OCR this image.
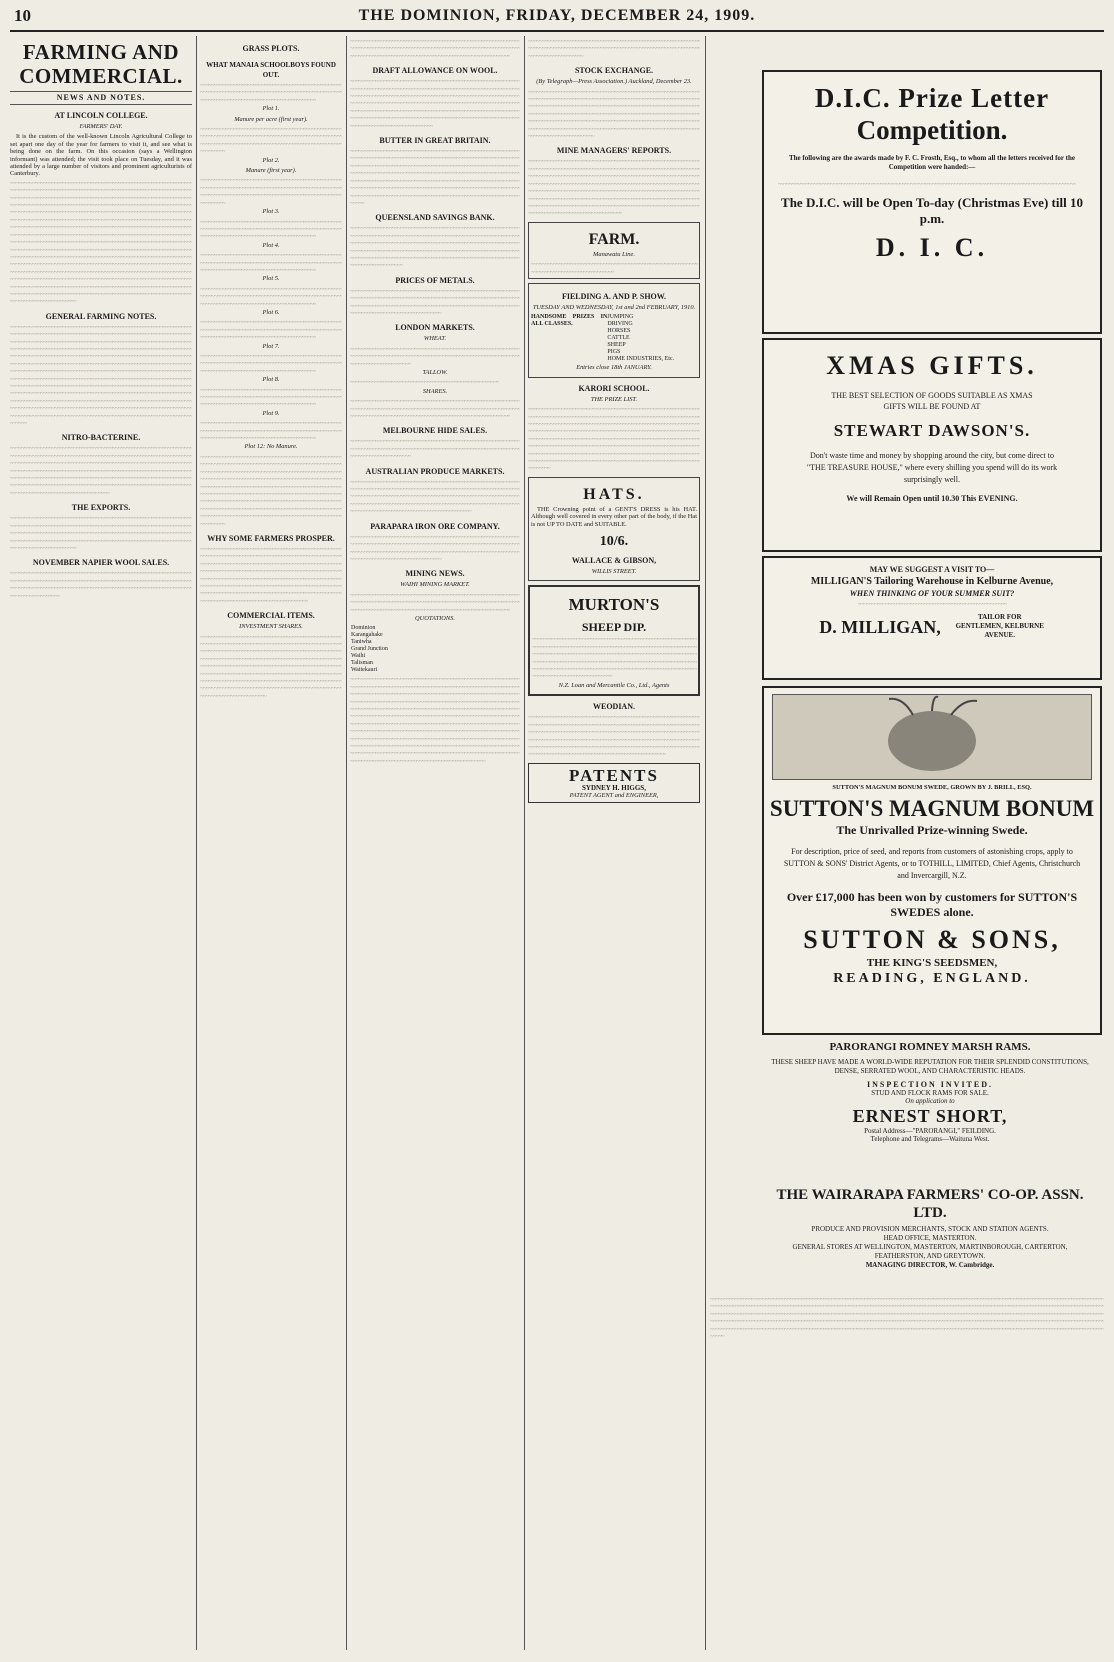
10	THE DOMINION, FRIDAY, DECEMBER 24, 1909.
FARMING AND COMMERCIAL.
NEWS AND NOTES.
AT LINCOLN COLLEGE.
FARMERS' DAY.

It is the custom of the well-known Lincoln Agricultural College to set apart one day of the year for farmers to visit it, and see what is being done on the farm. On this occasion (says a Wellington informant) was attended; the visit took place on Tuesday, and it was attended by a large number of visitors and prominent agriculturists of Canterbury.

~~ ~~ ~~ ~~ ~~ ~~ ~~ ~~ ~~ ~~ ~~ ~~ ~~ ~~ ~~ ~~ ~~ ~~ ~~ ~~ ~~ ~~ ~~ ~~ ~~ ~~ ~~ ~~ ~~ ~~ ~~ ~~ ~~ ~~ ~~ ~~ ~~ ~~ ~~ ~~ ~~ ~~ ~~ ~~ ~~ ~~ ~~ ~~ ~~ ~~ ~~ ~~ ~~ ~~ ~~ ~~ ~~ ~~ ~~ ~~ ~~ ~~ ~~ ~~ ~~ ~~ ~~ ~~ ~~ ~~ ~~ ~~ ~~ ~~ ~~ ~~ ~~ ~~ ~~ ~~ ~~ ~~ ~~ ~~ ~~ ~~ ~~ ~~ ~~ ~~ ~~ ~~ ~~ ~~ ~~ ~~ ~~ ~~ ~~ ~~ ~~ ~~ ~~ ~~ ~~ ~~ ~~ ~~ ~~ ~~ ~~ ~~ ~~ ~~ ~~ ~~ ~~ ~~ ~~ ~~ ~~ ~~ ~~ ~~ ~~ ~~ ~~ ~~ ~~ ~~ ~~ ~~ ~~ ~~ ~~ ~~ ~~ ~~ ~~ ~~ ~~ ~~ ~~ ~~ ~~ ~~ ~~ ~~ ~~ ~~ ~~ ~~ ~~ ~~ ~~ ~~ ~~ ~~ ~~ ~~ ~~ ~~ ~~ ~~ ~~ ~~ ~~ ~~ ~~ ~~ ~~ ~~ ~~ ~~ ~~ ~~ ~~ ~~ ~~ ~~ ~~ ~~ ~~ ~~ ~~ ~~ ~~ ~~ ~~ ~~ ~~ ~~ ~~ ~~ ~~ ~~ ~~ ~~ ~~ ~~ ~~ ~~ ~~ ~~ ~~ ~~ ~~ ~~ ~~ ~~ ~~ ~~ ~~ ~~ ~~ ~~ ~~ ~~ ~~ ~~ ~~ ~~ ~~ ~~ ~~ ~~ ~~ ~~ ~~ ~~ ~~ ~~ ~~ ~~ ~~ ~~ ~~ ~~ ~~ ~~ ~~ ~~ ~~ ~~ ~~ ~~ ~~ ~~ ~~ ~~ ~~ ~~ ~~ ~~ ~~ ~~ ~~ ~~ ~~ ~~ ~~ ~~ ~~ ~~ ~~ ~~ ~~ ~~ ~~ ~~ ~~ ~~ ~~ ~~ ~~ ~~ ~~ ~~ ~~ ~~ ~~ ~~ ~~ ~~ ~~ ~~ ~~ ~~ ~~ ~~ ~~ ~~ ~~ ~~ ~~ ~~ ~~ ~~ ~~ ~~ ~~ ~~ ~~ ~~ ~~ ~~ ~~ ~~ ~~ ~~ ~~ ~~ ~~ ~~ ~~ ~~ ~~ ~~ ~~ ~~ ~~ ~~ ~~ ~~ ~~ ~~ ~~ ~~ ~~ ~~ ~~ ~~ ~~ ~~ ~~ ~~ ~~ ~~ ~~ ~~ ~~ ~~ ~~ ~~ ~~ ~~ ~~ ~~ ~~ ~~ ~~ ~~ ~~ ~~ ~~ ~~ ~~ ~~ ~~ ~~ ~~ ~~ ~~ ~~ ~~ ~~ ~~ ~~ ~~ ~~ ~~ ~~ ~~ ~~ ~~ ~~ ~~ ~~ ~~ ~~ ~~ ~~ ~~ ~~ ~~ ~~ ~~ ~~ ~~ ~~ ~~ ~~ ~~ ~~ ~~ ~~ ~~ ~~ ~~ ~~ ~~ ~~ ~~ ~~ ~~ ~~ ~~ ~~ ~~ ~~ ~~ ~~ ~~ ~~ ~~ ~~ ~~ ~~ ~~ ~~ ~~ ~~ ~~ ~~ ~~ ~~ ~~ ~~ ~~ ~~ ~~ ~~ ~~ ~~ ~~ ~~ ~~ ~~ ~~ ~~ ~~ ~~ ~~ ~~ ~~ ~~ ~~ ~~ ~~ ~~ ~~ ~~ ~~ ~~ ~~ ~~ ~~ ~~ ~~ ~~ ~~ ~~ ~~ ~~ ~~ ~~ ~~ ~~ ~~ ~~ ~~ ~~ ~~ ~~ ~~ ~~ ~~ ~~ ~~ ~~ ~~ ~~ ~~ ~~ ~~ ~~ ~~ ~~ ~~ ~~ ~~ ~~ ~~ ~~ ~~ ~~ ~~ ~~ ~~ ~~ ~~ ~~ ~~ ~~ ~~ ~~ ~~ ~~ ~~ ~~ ~~ ~~ ~~ ~~ ~~ ~~ ~~ ~~ ~~ ~~ ~~ ~~ ~~ ~~ ~~ ~~ ~~ ~~ ~~ ~~ ~~ ~~ ~~ ~~ ~~ ~~ ~~ ~~ ~~ ~~
GENERAL FARMING NOTES.
~~ ~~ ~~ ~~ ~~ ~~ ~~ ~~ ~~ ~~ ~~ ~~ ~~ ~~ ~~ ~~ ~~ ~~ ~~ ~~ ~~ ~~ ~~ ~~ ~~ ~~ ~~ ~~ ~~ ~~ ~~ ~~ ~~ ~~ ~~ ~~ ~~ ~~ ~~ ~~ ~~ ~~ ~~ ~~ ~~ ~~ ~~ ~~ ~~ ~~ ~~ ~~ ~~ ~~ ~~ ~~ ~~ ~~ ~~ ~~ ~~ ~~ ~~ ~~ ~~ ~~ ~~ ~~ ~~ ~~ ~~ ~~ ~~ ~~ ~~ ~~ ~~ ~~ ~~ ~~ ~~ ~~ ~~ ~~ ~~ ~~ ~~ ~~ ~~ ~~ ~~ ~~ ~~ ~~ ~~ ~~ ~~ ~~ ~~ ~~ ~~ ~~ ~~ ~~ ~~ ~~ ~~ ~~ ~~ ~~ ~~ ~~ ~~ ~~ ~~ ~~ ~~ ~~ ~~ ~~ ~~ ~~ ~~ ~~ ~~ ~~ ~~ ~~ ~~ ~~ ~~ ~~ ~~ ~~ ~~ ~~ ~~ ~~ ~~ ~~ ~~ ~~ ~~ ~~ ~~ ~~ ~~ ~~ ~~ ~~ ~~ ~~ ~~ ~~ ~~ ~~ ~~ ~~ ~~ ~~ ~~ ~~ ~~ ~~ ~~ ~~ ~~ ~~ ~~ ~~ ~~ ~~ ~~ ~~ ~~ ~~ ~~ ~~ ~~ ~~ ~~ ~~ ~~ ~~ ~~ ~~ ~~ ~~ ~~ ~~ ~~ ~~ ~~ ~~ ~~ ~~ ~~ ~~ ~~ ~~ ~~ ~~ ~~ ~~ ~~ ~~ ~~ ~~ ~~ ~~ ~~ ~~ ~~ ~~ ~~ ~~ ~~ ~~ ~~ ~~ ~~ ~~ ~~ ~~ ~~ ~~ ~~ ~~ ~~ ~~ ~~ ~~ ~~ ~~ ~~ ~~ ~~ ~~ ~~ ~~ ~~ ~~ ~~ ~~ ~~ ~~ ~~ ~~ ~~ ~~ ~~ ~~ ~~ ~~ ~~ ~~ ~~ ~~ ~~ ~~ ~~ ~~ ~~ ~~ ~~ ~~ ~~ ~~ ~~ ~~ ~~ ~~ ~~ ~~ ~~ ~~ ~~ ~~ ~~ ~~ ~~ ~~ ~~ ~~ ~~ ~~ ~~ ~~ ~~ ~~ ~~ ~~ ~~ ~~ ~~ ~~ ~~ ~~ ~~ ~~ ~~ ~~ ~~ ~~ ~~ ~~ ~~ ~~ ~~ ~~ ~~ ~~ ~~ ~~ ~~ ~~ ~~ ~~ ~~ ~~ ~~ ~~ ~~ ~~ ~~ ~~ ~~ ~~ ~~ ~~ ~~ ~~ ~~ ~~ ~~ ~~ ~~ ~~ ~~ ~~ ~~ ~~ ~~ ~~ ~~ ~~ ~~ ~~ ~~ ~~ ~~ ~~ ~~ ~~ ~~ ~~ ~~ ~~ ~~ ~~ ~~ ~~ ~~ ~~ ~~ ~~ ~~ ~~ ~~ ~~ ~~ ~~ ~~ ~~ ~~ ~~ ~~ ~~ ~~ ~~ ~~ ~~ ~~ ~~ ~~ ~~ ~~ ~~ ~~ ~~ ~~ ~~ ~~ ~~ ~~ ~~ ~~ ~~ ~~ ~~ ~~ ~~ ~~ ~~ ~~ ~~ ~~ ~~ ~~ ~~ ~~ ~~ ~~ ~~ ~~ ~~ ~~ ~~ ~~ ~~ ~~ ~~ ~~ ~~ ~~ ~~ ~~ ~~ ~~ ~~ ~~ ~~
NITRO-BACTERINE.
~~ ~~ ~~ ~~ ~~ ~~ ~~ ~~ ~~ ~~ ~~ ~~ ~~ ~~ ~~ ~~ ~~ ~~ ~~ ~~ ~~ ~~ ~~ ~~ ~~ ~~ ~~ ~~ ~~ ~~ ~~ ~~ ~~ ~~ ~~ ~~ ~~ ~~ ~~ ~~ ~~ ~~ ~~ ~~ ~~ ~~ ~~ ~~ ~~ ~~ ~~ ~~ ~~ ~~ ~~ ~~ ~~ ~~ ~~ ~~ ~~ ~~ ~~ ~~ ~~ ~~ ~~ ~~ ~~ ~~ ~~ ~~ ~~ ~~ ~~ ~~ ~~ ~~ ~~ ~~ ~~ ~~ ~~ ~~ ~~ ~~ ~~ ~~ ~~ ~~ ~~ ~~ ~~ ~~ ~~ ~~ ~~ ~~ ~~ ~~ ~~ ~~ ~~ ~~ ~~ ~~ ~~ ~~ ~~ ~~ ~~ ~~ ~~ ~~ ~~ ~~ ~~ ~~ ~~ ~~ ~~ ~~ ~~ ~~ ~~ ~~ ~~ ~~ ~~ ~~ ~~ ~~ ~~ ~~ ~~ ~~ ~~ ~~ ~~ ~~ ~~ ~~ ~~ ~~ ~~ ~~ ~~ ~~ ~~ ~~ ~~ ~~ ~~ ~~ ~~ ~~ ~~ ~~ ~~ ~~ ~~ ~~ ~~ ~~ ~~ ~~ ~~ ~~ ~~ ~~ ~~ ~~ ~~ ~~ ~~ ~~ ~~ ~~ ~~ ~~ ~~ ~~ ~~ ~~ ~~ ~~ ~~ ~~ ~~ ~~ ~~ ~~ ~~ ~~ ~~ ~~ ~~ ~~ ~~ ~~ ~~ ~~ ~~ ~~ ~~ ~~ ~~ ~~ ~~ ~~ ~~ ~~ ~~ ~~ ~~ ~~
THE EXPORTS.
~~ ~~ ~~ ~~ ~~ ~~ ~~ ~~ ~~ ~~ ~~ ~~ ~~ ~~ ~~ ~~ ~~ ~~ ~~ ~~ ~~ ~~ ~~ ~~ ~~ ~~ ~~ ~~ ~~ ~~ ~~ ~~ ~~ ~~ ~~ ~~ ~~ ~~ ~~ ~~ ~~ ~~ ~~ ~~ ~~ ~~ ~~ ~~ ~~ ~~ ~~ ~~ ~~ ~~ ~~ ~~ ~~ ~~ ~~ ~~ ~~ ~~ ~~ ~~ ~~ ~~ ~~ ~~ ~~ ~~ ~~ ~~ ~~ ~~ ~~ ~~ ~~ ~~ ~~ ~~ ~~ ~~ ~~ ~~ ~~ ~~ ~~ ~~ ~~ ~~ ~~ ~~ ~~ ~~ ~~ ~~ ~~ ~~ ~~ ~~ ~~ ~~ ~~ ~~ ~~ ~~ ~~ ~~ ~~ ~~ ~~ ~~ ~~ ~~ ~~ ~~ ~~ ~~ ~~ ~~ ~~ ~~ ~~ ~~ ~~ ~~ ~~ ~~ ~~ ~~ ~~ ~~ ~~ ~~ ~~ ~~ ~~ ~~ ~~ ~~ ~~ ~~ ~~ ~~
NOVEMBER NAPIER WOOL SALES.
~~ ~~ ~~ ~~ ~~ ~~ ~~ ~~ ~~ ~~ ~~ ~~ ~~ ~~ ~~ ~~ ~~ ~~ ~~ ~~ ~~ ~~ ~~ ~~ ~~ ~~ ~~ ~~ ~~ ~~ ~~ ~~ ~~ ~~ ~~ ~~ ~~ ~~ ~~ ~~ ~~ ~~ ~~ ~~ ~~ ~~ ~~ ~~ ~~ ~~ ~~ ~~ ~~ ~~ ~~ ~~ ~~ ~~ ~~ ~~ ~~ ~~ ~~ ~~ ~~ ~~ ~~ ~~ ~~ ~~ ~~ ~~ ~~ ~~ ~~ ~~ ~~ ~~ ~~ ~~ ~~ ~~ ~~ ~~ ~~ ~~ ~~ ~~ ~~ ~~ ~~ ~~ ~~ ~~ ~~ ~~ ~~ ~~ ~~ ~~ ~~ ~~ ~~ ~~ ~~ ~~ ~~ ~~
GRASS PLOTS.
WHAT MANAIA SCHOOLBOYS FOUND OUT.
~~ ~~ ~~ ~~ ~~ ~~ ~~ ~~ ~~ ~~ ~~ ~~ ~~ ~~ ~~ ~~ ~~ ~~ ~~ ~~ ~~ ~~ ~~ ~~ ~~ ~~ ~~ ~~ ~~ ~~ ~~ ~~ ~~ ~~ ~~ ~~ ~~ ~~ ~~ ~~ ~~ ~~ ~~ ~~ ~~ ~~ ~~ ~~ ~~ ~~ ~~ ~~ ~~ ~~ ~~ ~~ ~~ ~~ ~~ ~~ ~~ ~~ ~~ ~~ ~~ ~~ ~~ ~~ ~~ ~~ ~~ ~~
Plot 1.
Manure per acre (first year).
~~ ~~ ~~ ~~ ~~ ~~ ~~ ~~ ~~ ~~ ~~ ~~ ~~ ~~ ~~ ~~ ~~ ~~ ~~ ~~ ~~ ~~ ~~ ~~ ~~ ~~ ~~ ~~ ~~ ~~ ~~ ~~ ~~ ~~ ~~ ~~ ~~ ~~ ~~ ~~ ~~ ~~ ~~ ~~ ~~ ~~ ~~ ~~ ~~ ~~ ~~ ~~ ~~ ~~ ~~ ~~ ~~ ~~ ~~ ~~ ~~ ~~ ~~ ~~ ~~ ~~ ~~ ~~ ~~ ~~ ~~ ~~ ~~ ~~ ~~ ~~ ~~ ~~ ~~ ~~ ~~
Plot 2.
Manure (first year).
~~ ~~ ~~ ~~ ~~ ~~ ~~ ~~ ~~ ~~ ~~ ~~ ~~ ~~ ~~ ~~ ~~ ~~ ~~ ~~ ~~ ~~ ~~ ~~ ~~ ~~ ~~ ~~ ~~ ~~ ~~ ~~ ~~ ~~ ~~ ~~ ~~ ~~ ~~ ~~ ~~ ~~ ~~ ~~ ~~ ~~ ~~ ~~ ~~ ~~ ~~ ~~ ~~ ~~ ~~ ~~ ~~ ~~ ~~ ~~ ~~ ~~ ~~ ~~ ~~ ~~ ~~ ~~ ~~ ~~ ~~ ~~ ~~ ~~ ~~ ~~ ~~ ~~ ~~ ~~ ~~
Plot 3.
~~ ~~ ~~ ~~ ~~ ~~ ~~ ~~ ~~ ~~ ~~ ~~ ~~ ~~ ~~ ~~ ~~ ~~ ~~ ~~ ~~ ~~ ~~ ~~ ~~ ~~ ~~ ~~ ~~ ~~ ~~ ~~ ~~ ~~ ~~ ~~ ~~ ~~ ~~ ~~ ~~ ~~ ~~ ~~ ~~ ~~ ~~ ~~ ~~ ~~ ~~ ~~ ~~ ~~ ~~ ~~ ~~ ~~ ~~ ~~ ~~ ~~ ~~ ~~ ~~ ~~ ~~ ~~ ~~ ~~ ~~ ~~
Plot 4.
~~ ~~ ~~ ~~ ~~ ~~ ~~ ~~ ~~ ~~ ~~ ~~ ~~ ~~ ~~ ~~ ~~ ~~ ~~ ~~ ~~ ~~ ~~ ~~ ~~ ~~ ~~ ~~ ~~ ~~ ~~ ~~ ~~ ~~ ~~ ~~ ~~ ~~ ~~ ~~ ~~ ~~ ~~ ~~ ~~ ~~ ~~ ~~ ~~ ~~ ~~ ~~ ~~ ~~ ~~ ~~ ~~ ~~ ~~ ~~ ~~ ~~ ~~ ~~ ~~ ~~ ~~ ~~ ~~ ~~ ~~ ~~
Plot 5.
~~ ~~ ~~ ~~ ~~ ~~ ~~ ~~ ~~ ~~ ~~ ~~ ~~ ~~ ~~ ~~ ~~ ~~ ~~ ~~ ~~ ~~ ~~ ~~ ~~ ~~ ~~ ~~ ~~ ~~ ~~ ~~ ~~ ~~ ~~ ~~ ~~ ~~ ~~ ~~ ~~ ~~ ~~ ~~ ~~ ~~ ~~ ~~ ~~ ~~ ~~ ~~ ~~ ~~ ~~ ~~ ~~ ~~ ~~ ~~ ~~ ~~ ~~ ~~ ~~ ~~ ~~ ~~ ~~ ~~ ~~ ~~
Plot 6.
~~ ~~ ~~ ~~ ~~ ~~ ~~ ~~ ~~ ~~ ~~ ~~ ~~ ~~ ~~ ~~ ~~ ~~ ~~ ~~ ~~ ~~ ~~ ~~ ~~ ~~ ~~ ~~ ~~ ~~ ~~ ~~ ~~ ~~ ~~ ~~ ~~ ~~ ~~ ~~ ~~ ~~ ~~ ~~ ~~ ~~ ~~ ~~ ~~ ~~ ~~ ~~ ~~ ~~ ~~ ~~ ~~ ~~ ~~ ~~ ~~ ~~ ~~ ~~ ~~ ~~ ~~ ~~ ~~ ~~ ~~ ~~
Plot 7.
~~ ~~ ~~ ~~ ~~ ~~ ~~ ~~ ~~ ~~ ~~ ~~ ~~ ~~ ~~ ~~ ~~ ~~ ~~ ~~ ~~ ~~ ~~ ~~ ~~ ~~ ~~ ~~ ~~ ~~ ~~ ~~ ~~ ~~ ~~ ~~ ~~ ~~ ~~ ~~ ~~ ~~ ~~ ~~ ~~ ~~ ~~ ~~ ~~ ~~ ~~ ~~ ~~ ~~ ~~ ~~ ~~ ~~ ~~ ~~ ~~ ~~ ~~ ~~ ~~ ~~ ~~ ~~ ~~ ~~ ~~ ~~
Plot 8.
~~ ~~ ~~ ~~ ~~ ~~ ~~ ~~ ~~ ~~ ~~ ~~ ~~ ~~ ~~ ~~ ~~ ~~ ~~ ~~ ~~ ~~ ~~ ~~ ~~ ~~ ~~ ~~ ~~ ~~ ~~ ~~ ~~ ~~ ~~ ~~ ~~ ~~ ~~ ~~ ~~ ~~ ~~ ~~ ~~ ~~ ~~ ~~ ~~ ~~ ~~ ~~ ~~ ~~ ~~ ~~ ~~ ~~ ~~ ~~ ~~ ~~ ~~ ~~ ~~ ~~ ~~ ~~ ~~ ~~ ~~ ~~
Plot 9.
~~ ~~ ~~ ~~ ~~ ~~ ~~ ~~ ~~ ~~ ~~ ~~ ~~ ~~ ~~ ~~ ~~ ~~ ~~ ~~ ~~ ~~ ~~ ~~ ~~ ~~ ~~ ~~ ~~ ~~ ~~ ~~ ~~ ~~ ~~ ~~ ~~ ~~ ~~ ~~ ~~ ~~ ~~ ~~ ~~ ~~ ~~ ~~ ~~ ~~ ~~ ~~ ~~ ~~ ~~ ~~ ~~ ~~ ~~ ~~ ~~ ~~ ~~ ~~ ~~ ~~ ~~ ~~ ~~ ~~ ~~ ~~
Plot 12: No Manure.
~~ ~~ ~~ ~~ ~~ ~~ ~~ ~~ ~~ ~~ ~~ ~~ ~~ ~~ ~~ ~~ ~~ ~~ ~~ ~~ ~~ ~~ ~~ ~~ ~~ ~~ ~~ ~~ ~~ ~~ ~~ ~~ ~~ ~~ ~~ ~~ ~~ ~~ ~~ ~~ ~~ ~~ ~~ ~~ ~~ ~~ ~~ ~~ ~~ ~~ ~~ ~~ ~~ ~~ ~~ ~~ ~~ ~~ ~~ ~~ ~~ ~~ ~~ ~~ ~~ ~~ ~~ ~~ ~~ ~~ ~~ ~~ ~~ ~~ ~~ ~~ ~~ ~~ ~~ ~~ ~~ ~~ ~~ ~~ ~~ ~~ ~~ ~~ ~~ ~~ ~~ ~~ ~~ ~~ ~~ ~~ ~~ ~~ ~~ ~~ ~~ ~~ ~~ ~~ ~~ ~~ ~~ ~~ ~~ ~~ ~~ ~~ ~~ ~~ ~~ ~~ ~~ ~~ ~~ ~~ ~~ ~~ ~~ ~~ ~~ ~~ ~~ ~~ ~~ ~~ ~~ ~~ ~~ ~~ ~~ ~~ ~~ ~~ ~~ ~~ ~~ ~~ ~~ ~~ ~~ ~~ ~~ ~~ ~~ ~~ ~~ ~~ ~~ ~~ ~~ ~~ ~~ ~~ ~~ ~~ ~~ ~~ ~~ ~~ ~~ ~~ ~~ ~~ ~~ ~~ ~~ ~~ ~~ ~~ ~~ ~~ ~~ ~~ ~~ ~~ ~~ ~~ ~~ ~~ ~~ ~~ ~~ ~~ ~~ ~~ ~~ ~~ ~~ ~~ ~~ ~~ ~~ ~~ ~~ ~~ ~~ ~~ ~~ ~~ ~~ ~~ ~~ ~~ ~~ ~~ ~~ ~~ ~~ ~~ ~~ ~~ ~~ ~~ ~~ ~~ ~~ ~~ ~~ ~~ ~~ ~~ ~~ ~~ ~~ ~~ ~~ ~~ ~~ ~~
WHY SOME FARMERS PROSPER.
~~ ~~ ~~ ~~ ~~ ~~ ~~ ~~ ~~ ~~ ~~ ~~ ~~ ~~ ~~ ~~ ~~ ~~ ~~ ~~ ~~ ~~ ~~ ~~ ~~ ~~ ~~ ~~ ~~ ~~ ~~ ~~ ~~ ~~ ~~ ~~ ~~ ~~ ~~ ~~ ~~ ~~ ~~ ~~ ~~ ~~ ~~ ~~ ~~ ~~ ~~ ~~ ~~ ~~ ~~ ~~ ~~ ~~ ~~ ~~ ~~ ~~ ~~ ~~ ~~ ~~ ~~ ~~ ~~ ~~ ~~ ~~ ~~ ~~ ~~ ~~ ~~ ~~ ~~ ~~ ~~ ~~ ~~ ~~ ~~ ~~ ~~ ~~ ~~ ~~ ~~ ~~ ~~ ~~ ~~ ~~ ~~ ~~ ~~ ~~ ~~ ~~ ~~ ~~ ~~ ~~ ~~ ~~ ~~ ~~ ~~ ~~ ~~ ~~ ~~ ~~ ~~ ~~ ~~ ~~ ~~ ~~ ~~ ~~ ~~ ~~ ~~ ~~ ~~ ~~ ~~ ~~ ~~ ~~ ~~ ~~ ~~ ~~ ~~ ~~ ~~ ~~ ~~ ~~ ~~ ~~ ~~ ~~ ~~ ~~ ~~ ~~ ~~ ~~ ~~ ~~ ~~ ~~ ~~ ~~ ~~ ~~ ~~ ~~ ~~ ~~ ~~ ~~ ~~ ~~ ~~ ~~ ~~ ~~ ~~ ~~ ~~ ~~ ~~ ~~ ~~ ~~ ~~ ~~ ~~ ~~ ~~ ~~ ~~ ~~ ~~ ~~ ~~ ~~ ~~ ~~ ~~ ~~
COMMERCIAL ITEMS.
INVESTMENT SHARES.
~~ ~~ ~~ ~~ ~~ ~~ ~~ ~~ ~~ ~~ ~~ ~~ ~~ ~~ ~~ ~~ ~~ ~~ ~~ ~~ ~~ ~~ ~~ ~~ ~~ ~~ ~~ ~~ ~~ ~~ ~~ ~~ ~~ ~~ ~~ ~~ ~~ ~~ ~~ ~~ ~~ ~~ ~~ ~~ ~~ ~~ ~~ ~~ ~~ ~~ ~~ ~~ ~~ ~~ ~~ ~~ ~~ ~~ ~~ ~~ ~~ ~~ ~~ ~~ ~~ ~~ ~~ ~~ ~~ ~~ ~~ ~~ ~~ ~~ ~~ ~~ ~~ ~~ ~~ ~~ ~~ ~~ ~~ ~~ ~~ ~~ ~~ ~~ ~~ ~~ ~~ ~~ ~~ ~~ ~~ ~~ ~~ ~~ ~~ ~~ ~~ ~~ ~~ ~~ ~~ ~~ ~~ ~~ ~~ ~~ ~~ ~~ ~~ ~~ ~~ ~~ ~~ ~~ ~~ ~~ ~~ ~~ ~~ ~~ ~~ ~~ ~~ ~~ ~~ ~~ ~~ ~~ ~~ ~~ ~~ ~~ ~~ ~~ ~~ ~~ ~~ ~~ ~~ ~~ ~~ ~~ ~~ ~~ ~~ ~~ ~~ ~~ ~~ ~~ ~~ ~~ ~~ ~~ ~~ ~~ ~~ ~~ ~~ ~~ ~~ ~~ ~~ ~~ ~~ ~~ ~~ ~~ ~~ ~~ ~~ ~~ ~~ ~~ ~~ ~~ ~~ ~~ ~~ ~~ ~~ ~~ ~~ ~~ ~~ ~~ ~~ ~~ ~~ ~~ ~~ ~~ ~~ ~~ ~~ ~~ ~~ ~~ ~~ ~~ ~~ ~~ ~~ ~~ ~~ ~~ ~~ ~~ ~~ ~~ ~~ ~~
~~ ~~ ~~ ~~ ~~ ~~ ~~ ~~ ~~ ~~ ~~ ~~ ~~ ~~ ~~ ~~ ~~ ~~ ~~ ~~ ~~ ~~ ~~ ~~ ~~ ~~ ~~ ~~ ~~ ~~ ~~ ~~ ~~ ~~ ~~ ~~ ~~ ~~ ~~ ~~ ~~ ~~ ~~ ~~ ~~ ~~ ~~ ~~ ~~ ~~ ~~ ~~ ~~ ~~ ~~ ~~ ~~ ~~ ~~ ~~ ~~ ~~ ~~ ~~ ~~ ~~ ~~ ~~ ~~ ~~ ~~ ~~ ~~ ~~ ~~ ~~ ~~ ~~ ~~ ~~ ~~ ~~ ~~ ~~ ~~ ~~ ~~ ~~ ~~ ~~
DRAFT ALLOWANCE ON WOOL.
~~ ~~ ~~ ~~ ~~ ~~ ~~ ~~ ~~ ~~ ~~ ~~ ~~ ~~ ~~ ~~ ~~ ~~ ~~ ~~ ~~ ~~ ~~ ~~ ~~ ~~ ~~ ~~ ~~ ~~ ~~ ~~ ~~ ~~ ~~ ~~ ~~ ~~ ~~ ~~ ~~ ~~ ~~ ~~ ~~ ~~ ~~ ~~ ~~ ~~ ~~ ~~ ~~ ~~ ~~ ~~ ~~ ~~ ~~ ~~ ~~ ~~ ~~ ~~ ~~ ~~ ~~ ~~ ~~ ~~ ~~ ~~ ~~ ~~ ~~ ~~ ~~ ~~ ~~ ~~ ~~ ~~ ~~ ~~ ~~ ~~ ~~ ~~ ~~ ~~ ~~ ~~ ~~ ~~ ~~ ~~ ~~ ~~ ~~ ~~ ~~ ~~ ~~ ~~ ~~ ~~ ~~ ~~ ~~ ~~ ~~ ~~ ~~ ~~ ~~ ~~ ~~ ~~ ~~ ~~ ~~ ~~ ~~ ~~ ~~ ~~ ~~ ~~ ~~ ~~ ~~ ~~ ~~ ~~ ~~ ~~ ~~ ~~ ~~ ~~ ~~ ~~ ~~ ~~ ~~ ~~ ~~ ~~ ~~ ~~ ~~ ~~ ~~ ~~ ~~ ~~ ~~ ~~ ~~ ~~ ~~ ~~ ~~ ~~ ~~ ~~ ~~ ~~ ~~ ~~ ~~ ~~ ~~ ~~ ~~ ~~ ~~ ~~ ~~ ~~ ~~ ~~ ~~ ~~ ~~ ~~ ~~ ~~ ~~ ~~ ~~ ~~ ~~ ~~ ~~ ~~ ~~ ~~
BUTTER IN GREAT BRITAIN.
~~ ~~ ~~ ~~ ~~ ~~ ~~ ~~ ~~ ~~ ~~ ~~ ~~ ~~ ~~ ~~ ~~ ~~ ~~ ~~ ~~ ~~ ~~ ~~ ~~ ~~ ~~ ~~ ~~ ~~ ~~ ~~ ~~ ~~ ~~ ~~ ~~ ~~ ~~ ~~ ~~ ~~ ~~ ~~ ~~ ~~ ~~ ~~ ~~ ~~ ~~ ~~ ~~ ~~ ~~ ~~ ~~ ~~ ~~ ~~ ~~ ~~ ~~ ~~ ~~ ~~ ~~ ~~ ~~ ~~ ~~ ~~ ~~ ~~ ~~ ~~ ~~ ~~ ~~ ~~ ~~ ~~ ~~ ~~ ~~ ~~ ~~ ~~ ~~ ~~ ~~ ~~ ~~ ~~ ~~ ~~ ~~ ~~ ~~ ~~ ~~ ~~ ~~ ~~ ~~ ~~ ~~ ~~ ~~ ~~ ~~ ~~ ~~ ~~ ~~ ~~ ~~ ~~ ~~ ~~ ~~ ~~ ~~ ~~ ~~ ~~ ~~ ~~ ~~ ~~ ~~ ~~ ~~ ~~ ~~ ~~ ~~ ~~ ~~ ~~ ~~ ~~ ~~ ~~ ~~ ~~ ~~ ~~ ~~ ~~ ~~ ~~ ~~ ~~ ~~ ~~ ~~ ~~ ~~ ~~ ~~ ~~ ~~ ~~ ~~ ~~ ~~ ~~ ~~ ~~ ~~ ~~ ~~ ~~ ~~ ~~ ~~ ~~ ~~ ~~ ~~ ~~ ~~ ~~ ~~ ~~ ~~ ~~ ~~ ~~ ~~ ~~ ~~ ~~ ~~ ~~ ~~ ~~ ~~ ~~ ~~ ~~ ~~ ~~ ~~ ~~ ~~ ~~ ~~ ~~ ~~ ~~ ~~ ~~ ~~ ~~
QUEENSLAND SAVINGS BANK.
~~ ~~ ~~ ~~ ~~ ~~ ~~ ~~ ~~ ~~ ~~ ~~ ~~ ~~ ~~ ~~ ~~ ~~ ~~ ~~ ~~ ~~ ~~ ~~ ~~ ~~ ~~ ~~ ~~ ~~ ~~ ~~ ~~ ~~ ~~ ~~ ~~ ~~ ~~ ~~ ~~ ~~ ~~ ~~ ~~ ~~ ~~ ~~ ~~ ~~ ~~ ~~ ~~ ~~ ~~ ~~ ~~ ~~ ~~ ~~ ~~ ~~ ~~ ~~ ~~ ~~ ~~ ~~ ~~ ~~ ~~ ~~ ~~ ~~ ~~ ~~ ~~ ~~ ~~ ~~ ~~ ~~ ~~ ~~ ~~ ~~ ~~ ~~ ~~ ~~ ~~ ~~ ~~ ~~ ~~ ~~ ~~ ~~ ~~ ~~ ~~ ~~ ~~ ~~ ~~ ~~ ~~ ~~ ~~ ~~ ~~ ~~ ~~ ~~ ~~ ~~ ~~ ~~ ~~ ~~ ~~ ~~ ~~ ~~ ~~ ~~ ~~ ~~ ~~ ~~ ~~ ~~ ~~ ~~ ~~ ~~ ~~ ~~ ~~ ~~ ~~ ~~ ~~ ~~ ~~ ~~ ~~ ~~ ~~ ~~ ~~ ~~ ~~ ~~ ~~ ~~ ~~ ~~ ~~ ~~ ~~ ~~
PRICES OF METALS.
~~ ~~ ~~ ~~ ~~ ~~ ~~ ~~ ~~ ~~ ~~ ~~ ~~ ~~ ~~ ~~ ~~ ~~ ~~ ~~ ~~ ~~ ~~ ~~ ~~ ~~ ~~ ~~ ~~ ~~ ~~ ~~ ~~ ~~ ~~ ~~ ~~ ~~ ~~ ~~ ~~ ~~ ~~ ~~ ~~ ~~ ~~ ~~ ~~ ~~ ~~ ~~ ~~ ~~ ~~ ~~ ~~ ~~ ~~ ~~ ~~ ~~ ~~ ~~ ~~ ~~ ~~ ~~ ~~ ~~ ~~ ~~ ~~ ~~ ~~ ~~ ~~ ~~ ~~ ~~ ~~ ~~ ~~ ~~ ~~ ~~ ~~ ~~ ~~ ~~ ~~ ~~ ~~ ~~ ~~ ~~ ~~ ~~ ~~ ~~ ~~ ~~ ~~ ~~ ~~ ~~ ~~ ~~
LONDON MARKETS.
WHEAT.
~~ ~~ ~~ ~~ ~~ ~~ ~~ ~~ ~~ ~~ ~~ ~~ ~~ ~~ ~~ ~~ ~~ ~~ ~~ ~~ ~~ ~~ ~~ ~~ ~~ ~~ ~~ ~~ ~~ ~~ ~~ ~~ ~~ ~~ ~~ ~~ ~~ ~~ ~~ ~~ ~~ ~~ ~~ ~~ ~~ ~~ ~~ ~~ ~~ ~~ ~~ ~~ ~~ ~~ ~~ ~~ ~~ ~~ ~~ ~~ ~~ ~~ ~~ ~~ ~~ ~~ ~~ ~~ ~~ ~~ ~~ ~~
TALLOW.
~~ ~~ ~~ ~~ ~~ ~~ ~~ ~~ ~~ ~~ ~~ ~~ ~~ ~~ ~~ ~~ ~~ ~~ ~~ ~~ ~~ ~~ ~~ ~~ ~~ ~~ ~~
SHARES.
~~ ~~ ~~ ~~ ~~ ~~ ~~ ~~ ~~ ~~ ~~ ~~ ~~ ~~ ~~ ~~ ~~ ~~ ~~ ~~ ~~ ~~ ~~ ~~ ~~ ~~ ~~ ~~ ~~ ~~ ~~ ~~ ~~ ~~ ~~ ~~ ~~ ~~ ~~ ~~ ~~ ~~ ~~ ~~ ~~ ~~ ~~ ~~ ~~ ~~ ~~ ~~ ~~ ~~ ~~ ~~ ~~ ~~ ~~ ~~ ~~ ~~ ~~ ~~ ~~ ~~ ~~ ~~ ~~ ~~ ~~ ~~ ~~ ~~ ~~ ~~ ~~ ~~ ~~ ~~ ~~ ~~ ~~ ~~ ~~ ~~ ~~ ~~ ~~ ~~
MELBOURNE HIDE SALES.
~~ ~~ ~~ ~~ ~~ ~~ ~~ ~~ ~~ ~~ ~~ ~~ ~~ ~~ ~~ ~~ ~~ ~~ ~~ ~~ ~~ ~~ ~~ ~~ ~~ ~~ ~~ ~~ ~~ ~~ ~~ ~~ ~~ ~~ ~~ ~~ ~~ ~~ ~~ ~~ ~~ ~~ ~~ ~~ ~~ ~~ ~~ ~~ ~~ ~~ ~~ ~~ ~~ ~~ ~~ ~~ ~~ ~~ ~~ ~~ ~~ ~~ ~~ ~~ ~~ ~~ ~~ ~~ ~~ ~~ ~~ ~~
AUSTRALIAN PRODUCE MARKETS.
~~ ~~ ~~ ~~ ~~ ~~ ~~ ~~ ~~ ~~ ~~ ~~ ~~ ~~ ~~ ~~ ~~ ~~ ~~ ~~ ~~ ~~ ~~ ~~ ~~ ~~ ~~ ~~ ~~ ~~ ~~ ~~ ~~ ~~ ~~ ~~ ~~ ~~ ~~ ~~ ~~ ~~ ~~ ~~ ~~ ~~ ~~ ~~ ~~ ~~ ~~ ~~ ~~ ~~ ~~ ~~ ~~ ~~ ~~ ~~ ~~ ~~ ~~ ~~ ~~ ~~ ~~ ~~ ~~ ~~ ~~ ~~ ~~ ~~ ~~ ~~ ~~ ~~ ~~ ~~ ~~ ~~ ~~ ~~ ~~ ~~ ~~ ~~ ~~ ~~ ~~ ~~ ~~ ~~ ~~ ~~ ~~ ~~ ~~ ~~ ~~ ~~ ~~ ~~ ~~ ~~ ~~ ~~ ~~ ~~ ~~ ~~ ~~ ~~ ~~ ~~ ~~ ~~ ~~ ~~ ~~ ~~ ~~ ~~ ~~ ~~ ~~ ~~ ~~ ~~ ~~ ~~ ~~ ~~ ~~ ~~ ~~ ~~ ~~ ~~ ~~ ~~ ~~ ~~
PARAPARA IRON ORE COMPANY.
~~ ~~ ~~ ~~ ~~ ~~ ~~ ~~ ~~ ~~ ~~ ~~ ~~ ~~ ~~ ~~ ~~ ~~ ~~ ~~ ~~ ~~ ~~ ~~ ~~ ~~ ~~ ~~ ~~ ~~ ~~ ~~ ~~ ~~ ~~ ~~ ~~ ~~ ~~ ~~ ~~ ~~ ~~ ~~ ~~ ~~ ~~ ~~ ~~ ~~ ~~ ~~ ~~ ~~ ~~ ~~ ~~ ~~ ~~ ~~ ~~ ~~ ~~ ~~ ~~ ~~ ~~ ~~ ~~ ~~ ~~ ~~ ~~ ~~ ~~ ~~ ~~ ~~ ~~ ~~ ~~ ~~ ~~ ~~ ~~ ~~ ~~ ~~ ~~ ~~ ~~ ~~ ~~ ~~ ~~ ~~ ~~ ~~ ~~ ~~ ~~ ~~ ~~ ~~ ~~ ~~ ~~ ~~
MINING NEWS.
WAIHI MINING MARKET.
~~ ~~ ~~ ~~ ~~ ~~ ~~ ~~ ~~ ~~ ~~ ~~ ~~ ~~ ~~ ~~ ~~ ~~ ~~ ~~ ~~ ~~ ~~ ~~ ~~ ~~ ~~ ~~ ~~ ~~ ~~ ~~ ~~ ~~ ~~ ~~ ~~ ~~ ~~ ~~ ~~ ~~ ~~ ~~ ~~ ~~ ~~ ~~ ~~ ~~ ~~ ~~ ~~ ~~ ~~ ~~ ~~ ~~ ~~ ~~ ~~ ~~ ~~ ~~ ~~ ~~ ~~ ~~ ~~ ~~ ~~ ~~ ~~ ~~ ~~ ~~ ~~ ~~ ~~ ~~ ~~ ~~ ~~ ~~ ~~ ~~ ~~ ~~ ~~ ~~
QUOTATIONS.
Dominion
Karangahake
Taniwha
Grand Junction
Waihi
Talisman
Waitekauri
~~ ~~ ~~ ~~ ~~ ~~ ~~ ~~ ~~ ~~ ~~ ~~ ~~ ~~ ~~ ~~ ~~ ~~ ~~ ~~ ~~ ~~ ~~ ~~ ~~ ~~ ~~ ~~ ~~ ~~ ~~ ~~ ~~ ~~ ~~ ~~ ~~ ~~ ~~ ~~ ~~ ~~ ~~ ~~ ~~ ~~ ~~ ~~ ~~ ~~ ~~ ~~ ~~ ~~ ~~ ~~ ~~ ~~ ~~ ~~ ~~ ~~ ~~ ~~ ~~ ~~ ~~ ~~ ~~ ~~ ~~ ~~ ~~ ~~ ~~ ~~ ~~ ~~ ~~ ~~ ~~ ~~ ~~ ~~ ~~ ~~ ~~ ~~ ~~ ~~ ~~ ~~ ~~ ~~ ~~ ~~ ~~ ~~ ~~ ~~ ~~ ~~ ~~ ~~ ~~ ~~ ~~ ~~ ~~ ~~ ~~ ~~ ~~ ~~ ~~ ~~ ~~ ~~ ~~ ~~ ~~ ~~ ~~ ~~ ~~ ~~ ~~ ~~ ~~ ~~ ~~ ~~ ~~ ~~ ~~ ~~ ~~ ~~ ~~ ~~ ~~ ~~ ~~ ~~ ~~ ~~ ~~ ~~ ~~ ~~ ~~ ~~ ~~ ~~ ~~ ~~ ~~ ~~ ~~ ~~ ~~ ~~ ~~ ~~ ~~ ~~ ~~ ~~ ~~ ~~ ~~ ~~ ~~ ~~ ~~ ~~ ~~ ~~ ~~ ~~ ~~ ~~ ~~ ~~ ~~ ~~ ~~ ~~ ~~ ~~ ~~ ~~ ~~ ~~ ~~ ~~ ~~ ~~ ~~ ~~ ~~ ~~ ~~ ~~ ~~ ~~ ~~ ~~ ~~ ~~ ~~ ~~ ~~ ~~ ~~ ~~ ~~ ~~ ~~ ~~ ~~ ~~ ~~ ~~ ~~ ~~ ~~ ~~ ~~ ~~ ~~ ~~ ~~ ~~ ~~ ~~ ~~ ~~ ~~ ~~ ~~ ~~ ~~ ~~ ~~ ~~ ~~ ~~ ~~ ~~ ~~ ~~ ~~ ~~ ~~ ~~ ~~ ~~ ~~ ~~ ~~ ~~ ~~ ~~ ~~ ~~ ~~ ~~ ~~ ~~ ~~ ~~ ~~ ~~ ~~ ~~ ~~ ~~ ~~ ~~ ~~ ~~ ~~ ~~ ~~ ~~ ~~ ~~ ~~ ~~ ~~ ~~ ~~ ~~ ~~ ~~ ~~ ~~ ~~ ~~ ~~ ~~ ~~ ~~ ~~ ~~ ~~ ~~ ~~ ~~ ~~ ~~ ~~ ~~ ~~ ~~ ~~ ~~ ~~ ~~ ~~ ~~ ~~ ~~ ~~ ~~ ~~ ~~ ~~ ~~ ~~ ~~ ~~ ~~ ~~ ~~ ~~ ~~ ~~ ~~ ~~ ~~ ~~ ~~ ~~ ~~ ~~ ~~ ~~ ~~ ~~ ~~ ~~ ~~ ~~ ~~ ~~ ~~ ~~ ~~
~~ ~~ ~~ ~~ ~~ ~~ ~~ ~~ ~~ ~~ ~~ ~~ ~~ ~~ ~~ ~~ ~~ ~~ ~~ ~~ ~~ ~~ ~~ ~~ ~~ ~~ ~~ ~~ ~~ ~~ ~~ ~~ ~~ ~~ ~~ ~~ ~~ ~~ ~~ ~~ ~~ ~~ ~~ ~~ ~~ ~~ ~~ ~~ ~~ ~~ ~~ ~~ ~~ ~~ ~~ ~~ ~~ ~~ ~~ ~~ ~~ ~~ ~~ ~~ ~~ ~~ ~~ ~~ ~~ ~~ ~~ ~~
STOCK EXCHANGE.
(By Telegraph—Press Association.) Auckland, December 23.
~~ ~~ ~~ ~~ ~~ ~~ ~~ ~~ ~~ ~~ ~~ ~~ ~~ ~~ ~~ ~~ ~~ ~~ ~~ ~~ ~~ ~~ ~~ ~~ ~~ ~~ ~~ ~~ ~~ ~~ ~~ ~~ ~~ ~~ ~~ ~~ ~~ ~~ ~~ ~~ ~~ ~~ ~~ ~~ ~~ ~~ ~~ ~~ ~~ ~~ ~~ ~~ ~~ ~~ ~~ ~~ ~~ ~~ ~~ ~~ ~~ ~~ ~~ ~~ ~~ ~~ ~~ ~~ ~~ ~~ ~~ ~~ ~~ ~~ ~~ ~~ ~~ ~~ ~~ ~~ ~~ ~~ ~~ ~~ ~~ ~~ ~~ ~~ ~~ ~~ ~~ ~~ ~~ ~~ ~~ ~~ ~~ ~~ ~~ ~~ ~~ ~~ ~~ ~~ ~~ ~~ ~~ ~~ ~~ ~~ ~~ ~~ ~~ ~~ ~~ ~~ ~~ ~~ ~~ ~~ ~~ ~~ ~~ ~~ ~~ ~~ ~~ ~~ ~~ ~~ ~~ ~~ ~~ ~~ ~~ ~~ ~~ ~~ ~~ ~~ ~~ ~~ ~~ ~~ ~~ ~~ ~~ ~~ ~~ ~~ ~~ ~~ ~~ ~~ ~~ ~~ ~~ ~~ ~~ ~~ ~~ ~~ ~~ ~~ ~~ ~~ ~~ ~~ ~~ ~~ ~~ ~~ ~~ ~~ ~~ ~~ ~~ ~~ ~~ ~~ ~~ ~~ ~~ ~~ ~~ ~~ ~~ ~~ ~~ ~~ ~~ ~~ ~~ ~~ ~~ ~~ ~~ ~~
MINE MANAGERS' REPORTS.
~~ ~~ ~~ ~~ ~~ ~~ ~~ ~~ ~~ ~~ ~~ ~~ ~~ ~~ ~~ ~~ ~~ ~~ ~~ ~~ ~~ ~~ ~~ ~~ ~~ ~~ ~~ ~~ ~~ ~~ ~~ ~~ ~~ ~~ ~~ ~~ ~~ ~~ ~~ ~~ ~~ ~~ ~~ ~~ ~~ ~~ ~~ ~~ ~~ ~~ ~~ ~~ ~~ ~~ ~~ ~~ ~~ ~~ ~~ ~~ ~~ ~~ ~~ ~~ ~~ ~~ ~~ ~~ ~~ ~~ ~~ ~~ ~~ ~~ ~~ ~~ ~~ ~~ ~~ ~~ ~~ ~~ ~~ ~~ ~~ ~~ ~~ ~~ ~~ ~~ ~~ ~~ ~~ ~~ ~~ ~~ ~~ ~~ ~~ ~~ ~~ ~~ ~~ ~~ ~~ ~~ ~~ ~~ ~~ ~~ ~~ ~~ ~~ ~~ ~~ ~~ ~~ ~~ ~~ ~~ ~~ ~~ ~~ ~~ ~~ ~~ ~~ ~~ ~~ ~~ ~~ ~~ ~~ ~~ ~~ ~~ ~~ ~~ ~~ ~~ ~~ ~~ ~~ ~~ ~~ ~~ ~~ ~~ ~~ ~~ ~~ ~~ ~~ ~~ ~~ ~~ ~~ ~~ ~~ ~~ ~~ ~~ ~~ ~~ ~~ ~~ ~~ ~~ ~~ ~~ ~~ ~~ ~~ ~~ ~~ ~~ ~~ ~~ ~~ ~~ ~~ ~~ ~~ ~~ ~~ ~~ ~~ ~~ ~~ ~~ ~~ ~~ ~~ ~~ ~~ ~~ ~~ ~~ ~~ ~~ ~~ ~~ ~~ ~~ ~~ ~~ ~~ ~~ ~~ ~~ ~~ ~~ ~~ ~~ ~~ ~~ ~~ ~~ ~~ ~~ ~~ ~~ ~~ ~~ ~~ ~~ ~~ ~~ ~~ ~~ ~~ ~~ ~~ ~~
FARM.
Manawatu Line.
~~ ~~ ~~ ~~ ~~ ~~ ~~ ~~ ~~ ~~ ~~ ~~ ~~ ~~ ~~ ~~ ~~ ~~ ~~ ~~ ~~ ~~ ~~ ~~ ~~ ~~ ~~ ~~ ~~ ~~ ~~ ~~ ~~ ~~ ~~ ~~ ~~ ~~ ~~ ~~ ~~ ~~ ~~ ~~ ~~
FIELDING A. AND P. SHOW.
TUESDAY AND WEDNESDAY, 1st and 2nd FEBRUARY, 1910.
HANDSOME PRIZES IN ALL CLASSES.
JUMPING
DRIVING
HORSES
CATTLE
SHEEP
PIGS
HOME INDUSTRIES, Etc.
Entries close 18th JANUARY.
KARORI SCHOOL.
THE PRIZE LIST.
~~ ~~ ~~ ~~ ~~ ~~ ~~ ~~ ~~ ~~ ~~ ~~ ~~ ~~ ~~ ~~ ~~ ~~ ~~ ~~ ~~ ~~ ~~ ~~ ~~ ~~ ~~ ~~ ~~ ~~ ~~ ~~ ~~ ~~ ~~ ~~ ~~ ~~ ~~ ~~ ~~ ~~ ~~ ~~ ~~ ~~ ~~ ~~ ~~ ~~ ~~ ~~ ~~ ~~ ~~ ~~ ~~ ~~ ~~ ~~ ~~ ~~ ~~ ~~ ~~ ~~ ~~ ~~ ~~ ~~ ~~ ~~ ~~ ~~ ~~ ~~ ~~ ~~ ~~ ~~ ~~ ~~ ~~ ~~ ~~ ~~ ~~ ~~ ~~ ~~ ~~ ~~ ~~ ~~ ~~ ~~ ~~ ~~ ~~ ~~ ~~ ~~ ~~ ~~ ~~ ~~ ~~ ~~ ~~ ~~ ~~ ~~ ~~ ~~ ~~ ~~ ~~ ~~ ~~ ~~ ~~ ~~ ~~ ~~ ~~ ~~ ~~ ~~ ~~ ~~ ~~ ~~ ~~ ~~ ~~ ~~ ~~ ~~ ~~ ~~ ~~ ~~ ~~ ~~ ~~ ~~ ~~ ~~ ~~ ~~ ~~ ~~ ~~ ~~ ~~ ~~ ~~ ~~ ~~ ~~ ~~ ~~ ~~ ~~ ~~ ~~ ~~ ~~ ~~ ~~ ~~ ~~ ~~ ~~ ~~ ~~ ~~ ~~ ~~ ~~ ~~ ~~ ~~ ~~ ~~ ~~ ~~ ~~ ~~ ~~ ~~ ~~ ~~ ~~ ~~ ~~ ~~ ~~ ~~ ~~ ~~ ~~ ~~ ~~ ~~ ~~ ~~ ~~ ~~ ~~ ~~ ~~ ~~ ~~ ~~ ~~ ~~ ~~ ~~ ~~ ~~ ~~ ~~ ~~ ~~ ~~ ~~ ~~ ~~ ~~ ~~ ~~ ~~ ~~ ~~ ~~ ~~ ~~ ~~ ~~ ~~ ~~ ~~ ~~ ~~ ~~ ~~ ~~ ~~ ~~ ~~ ~~
HATS.

THE Crowning point of a GENT'S DRESS is his HAT. Although well covered in every other part of the body, if the Hat is not UP TO DATE and SUITABLE.

10/6.
WALLACE & GIBSON,
WILLIS STREET.
MURTON'S
SHEEP DIP.
~~ ~~ ~~ ~~ ~~ ~~ ~~ ~~ ~~ ~~ ~~ ~~ ~~ ~~ ~~ ~~ ~~ ~~ ~~ ~~ ~~ ~~ ~~ ~~ ~~ ~~ ~~ ~~ ~~ ~~ ~~ ~~ ~~ ~~ ~~ ~~ ~~ ~~ ~~ ~~ ~~ ~~ ~~ ~~ ~~ ~~ ~~ ~~ ~~ ~~ ~~ ~~ ~~ ~~ ~~ ~~ ~~ ~~ ~~ ~~ ~~ ~~ ~~ ~~ ~~ ~~ ~~ ~~ ~~ ~~ ~~ ~~ ~~ ~~ ~~ ~~ ~~ ~~ ~~ ~~ ~~ ~~ ~~ ~~ ~~ ~~ ~~ ~~ ~~ ~~ ~~ ~~ ~~ ~~ ~~ ~~ ~~ ~~ ~~ ~~ ~~ ~~ ~~ ~~ ~~ ~~ ~~ ~~ ~~ ~~ ~~ ~~ ~~ ~~ ~~ ~~ ~~ ~~ ~~ ~~ ~~ ~~ ~~ ~~ ~~ ~~ ~~ ~~ ~~ ~~ ~~ ~~ ~~ ~~ ~~ ~~ ~~ ~~ ~~ ~~ ~~ ~~ ~~ ~~ ~~ ~~ ~~ ~~ ~~ ~~ ~~ ~~ ~~ ~~ ~~ ~~ ~~ ~~ ~~ ~~ ~~ ~~
N.Z. Loan and Mercantile Co., Ltd., Agents
WEODIAN.
~~ ~~ ~~ ~~ ~~ ~~ ~~ ~~ ~~ ~~ ~~ ~~ ~~ ~~ ~~ ~~ ~~ ~~ ~~ ~~ ~~ ~~ ~~ ~~ ~~ ~~ ~~ ~~ ~~ ~~ ~~ ~~ ~~ ~~ ~~ ~~ ~~ ~~ ~~ ~~ ~~ ~~ ~~ ~~ ~~ ~~ ~~ ~~ ~~ ~~ ~~ ~~ ~~ ~~ ~~ ~~ ~~ ~~ ~~ ~~ ~~ ~~ ~~ ~~ ~~ ~~ ~~ ~~ ~~ ~~ ~~ ~~ ~~ ~~ ~~ ~~ ~~ ~~ ~~ ~~ ~~ ~~ ~~ ~~ ~~ ~~ ~~ ~~ ~~ ~~ ~~ ~~ ~~ ~~ ~~ ~~ ~~ ~~ ~~ ~~ ~~ ~~ ~~ ~~ ~~ ~~ ~~ ~~ ~~ ~~ ~~ ~~ ~~ ~~ ~~ ~~ ~~ ~~ ~~ ~~ ~~ ~~ ~~ ~~ ~~ ~~ ~~ ~~ ~~ ~~ ~~ ~~ ~~ ~~ ~~ ~~ ~~ ~~ ~~ ~~ ~~ ~~ ~~ ~~ ~~ ~~ ~~ ~~ ~~ ~~ ~~ ~~ ~~ ~~ ~~ ~~ ~~ ~~ ~~ ~~ ~~ ~~ ~~ ~~ ~~ ~~ ~~ ~~ ~~ ~~ ~~ ~~ ~~ ~~ ~~ ~~ ~~ ~~ ~~ ~~
PATENTS
SYDNEY H. HIGGS,
PATENT AGENT and ENGINEER,
D.I.C. Prize Letter
Competition.
The following are the awards made by F. C. Frosth, Esq., to whom all the letters received for the Competition were handed:—
~~ ~~ ~~ ~~ ~~ ~~ ~~ ~~ ~~ ~~ ~~ ~~ ~~ ~~ ~~ ~~ ~~ ~~ ~~ ~~ ~~ ~~ ~~ ~~ ~~ ~~ ~~ ~~ ~~ ~~ ~~ ~~ ~~ ~~ ~~ ~~ ~~ ~~ ~~ ~~ ~~ ~~ ~~ ~~ ~~ ~~ ~~ ~~ ~~ ~~ ~~ ~~ ~~ ~~
The D.I.C. will be Open To-day (Christmas Eve) till 10 p.m.
D. I. C.
XMAS GIFTS.
THE BEST SELECTION OF GOODS SUITABLE AS XMAS GIFTS WILL BE FOUND AT
STEWART DAWSON'S.
Don't waste time and money by shopping around the city, but come direct to "THE TREASURE HOUSE," where every shilling you spend will do its work surprisingly well.
We will Remain Open until 10.30 This EVENING.
MAY WE SUGGEST A VISIT TO—
MILLIGAN'S Tailoring Warehouse in Kelburne Avenue,
WHEN THINKING OF YOUR SUMMER SUIT?
~~ ~~ ~~ ~~ ~~ ~~ ~~ ~~ ~~ ~~ ~~ ~~ ~~ ~~ ~~ ~~ ~~ ~~ ~~ ~~ ~~ ~~ ~~ ~~ ~~ ~~ ~~
D. MILLIGAN,	TAILOR FOR GENTLEMEN, KELBURNE AVENUE.
SUTTON'S MAGNUM BONUM SWEDE, GROWN BY J. BRILL, ESQ.
SUTTON'S MAGNUM BONUM
The Unrivalled Prize-winning Swede.
For description, price of seed, and reports from customers of astonishing crops, apply to SUTTON & SONS' District Agents, or to TOTHILL, LIMITED, Chief Agents, Christchurch and Invercargill, N.Z.
Over £17,000 has been won by customers for SUTTON'S SWEDES alone.
SUTTON & SONS,
THE KING'S SEEDSMEN,
READING, ENGLAND.
PARORANGI ROMNEY MARSH RAMS.
THESE SHEEP HAVE MADE A WORLD-WIDE REPUTATION FOR THEIR SPLENDID CONSTITUTIONS, DENSE, SERRATED WOOL, AND CHARACTERISTIC HEADS.
INSPECTION INVITED.
STUD AND FLOCK RAMS FOR SALE.
On application to
ERNEST SHORT,
Postal Address—"PARORANGI," FEILDING.
Telephone and Telegrams—Waituna West.
THE WAIRARAPA FARMERS' CO-OP. ASSN. LTD.
PRODUCE AND PROVISION MERCHANTS, STOCK AND STATION AGENTS.
HEAD OFFICE, MASTERTON.
GENERAL STORES AT WELLINGTON, MASTERTON, MARTINBOROUGH, CARTERTON, FEATHERSTON, AND GREYTOWN.
MANAGING DIRECTOR, W. Cambridge.
~~ ~~ ~~ ~~ ~~ ~~ ~~ ~~ ~~ ~~ ~~ ~~ ~~ ~~ ~~ ~~ ~~ ~~ ~~ ~~ ~~ ~~ ~~ ~~ ~~ ~~ ~~ ~~ ~~ ~~ ~~ ~~ ~~ ~~ ~~ ~~ ~~ ~~ ~~ ~~ ~~ ~~ ~~ ~~ ~~ ~~ ~~ ~~ ~~ ~~ ~~ ~~ ~~ ~~ ~~ ~~ ~~ ~~ ~~ ~~ ~~ ~~ ~~ ~~ ~~ ~~ ~~ ~~ ~~ ~~ ~~ ~~ ~~ ~~ ~~ ~~ ~~ ~~ ~~ ~~ ~~ ~~ ~~ ~~ ~~ ~~ ~~ ~~ ~~ ~~ ~~ ~~ ~~ ~~ ~~ ~~ ~~ ~~ ~~ ~~ ~~ ~~ ~~ ~~ ~~ ~~ ~~ ~~ ~~ ~~ ~~ ~~ ~~ ~~ ~~ ~~ ~~ ~~ ~~ ~~ ~~ ~~ ~~ ~~ ~~ ~~ ~~ ~~ ~~ ~~ ~~ ~~ ~~ ~~ ~~ ~~ ~~ ~~ ~~ ~~ ~~ ~~ ~~ ~~ ~~ ~~ ~~ ~~ ~~ ~~ ~~ ~~ ~~ ~~ ~~ ~~ ~~ ~~ ~~ ~~ ~~ ~~ ~~ ~~ ~~ ~~ ~~ ~~ ~~ ~~ ~~ ~~ ~~ ~~ ~~ ~~ ~~ ~~ ~~ ~~ ~~ ~~ ~~ ~~ ~~ ~~ ~~ ~~ ~~ ~~ ~~ ~~ ~~ ~~ ~~ ~~ ~~ ~~ ~~ ~~ ~~ ~~ ~~ ~~ ~~ ~~ ~~ ~~ ~~ ~~ ~~ ~~ ~~ ~~ ~~ ~~ ~~ ~~ ~~ ~~ ~~ ~~ ~~ ~~ ~~ ~~ ~~ ~~ ~~ ~~ ~~ ~~ ~~ ~~ ~~ ~~ ~~ ~~ ~~ ~~ ~~ ~~ ~~ ~~ ~~ ~~ ~~ ~~ ~~ ~~ ~~ ~~ ~~ ~~ ~~ ~~ ~~ ~~ ~~ ~~ ~~ ~~ ~~ ~~ ~~ ~~ ~~ ~~ ~~ ~~ ~~ ~~ ~~ ~~ ~~ ~~ ~~ ~~ ~~ ~~ ~~ ~~ ~~ ~~ ~~ ~~ ~~ ~~ ~~ ~~ ~~ ~~ ~~ ~~ ~~ ~~ ~~ ~~ ~~ ~~ ~~ ~~ ~~ ~~ ~~ ~~ ~~ ~~ ~~ ~~ ~~ ~~ ~~ ~~ ~~ ~~ ~~ ~~ ~~ ~~ ~~ ~~ ~~ ~~ ~~ ~~ ~~ ~~ ~~ ~~ ~~ ~~ ~~ ~~ ~~ ~~ ~~ ~~ ~~ ~~ ~~ ~~ ~~ ~~ ~~ ~~ ~~ ~~ ~~ ~~ ~~ ~~ ~~ ~~ ~~ ~~ ~~ ~~ ~~ ~~
